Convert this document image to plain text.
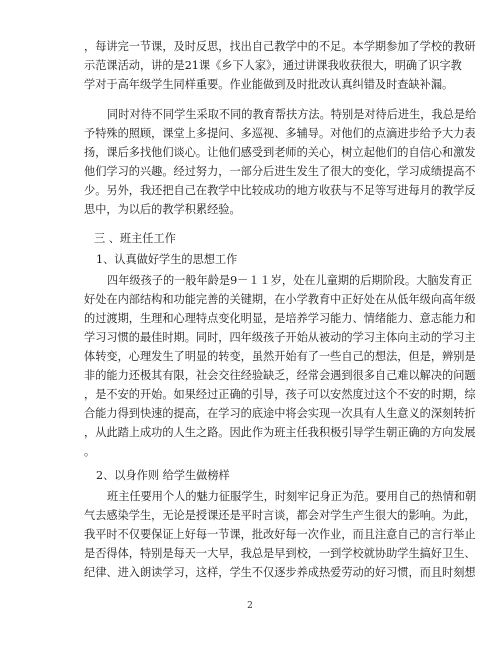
，每讲完一节课，及时反思，找出自己教学中的不足。本学期参加了学校的教研
示范课活动，讲的是21课《乡下人家》，通过讲课我收获很大，明确了识字教
学对于高年级学生同样重要。作业能做到及时批改认真纠错及时查缺补漏。
同时对待不同学生采取不同的教育帮扶方法。特别是对待后进生，我总是给
予特殊的照顾，课堂上多提问、多巡视、多辅导。对他们的点滴进步给予大力表
扬，课后多找他们谈心。让他们感受到老师的关心，树立起他们的自信心和激发
他们学习的兴趣。经过努力，一部分后进生发生了很大的变化，学习成绩提高不
少。另外，我还把自己在教学中比较成功的地方收获与不足等写进每月的教学反
思中，为以后的教学积累经验。
三 、班主任工作
1、认真做好学生的思想工作
四年级孩子的一般年龄是9－１１岁，处在儿童期的后期阶段。大脑发育正
好处在内部结构和功能完善的关键期，在小学教育中正好处在从低年级向高年级
的过渡期，生理和心理特点变化明显，是培养学习能力、情绪能力、意志能力和
学习习惯的最佳时期。同时，四年级孩子开始从被动的学习主体向主动的学习主
体转变，心理发生了明显的转变，虽然开始有了一些自己的想法，但是，辨别是
非的能力还极其有限，社会交往经验缺乏，经常会遇到很多自己难以解决的问题
，是不安的开始。如果经过正确的引导，孩子可以安然度过这个不安的时期，综
合能力得到快速的提高，在学习的底途中将会实现一次具有人生意义的深刻转折
，从此踏上成功的人生之路。因此作为班主任我积极引导学生朝正确的方向发展
。
2、以身作则 给学生做榜样
班主任要用个人的魅力征服学生，时刻牢记身正为范。要用自己的热情和朝
气去感染学生，无论是授课还是平时言谈，都会对学生产生很大的影响。为此，
我平时不仅要保证上好每一节课，批改好每一次作业，而且注意自己的言行举止
是否得体，特别是每天一大早，我总是早到校，一到学校就协助学生搞好卫生、
纪律、进入朗读学习，这样，学生不仅逐步养成热爱劳动的好习惯，而且时刻想
2
